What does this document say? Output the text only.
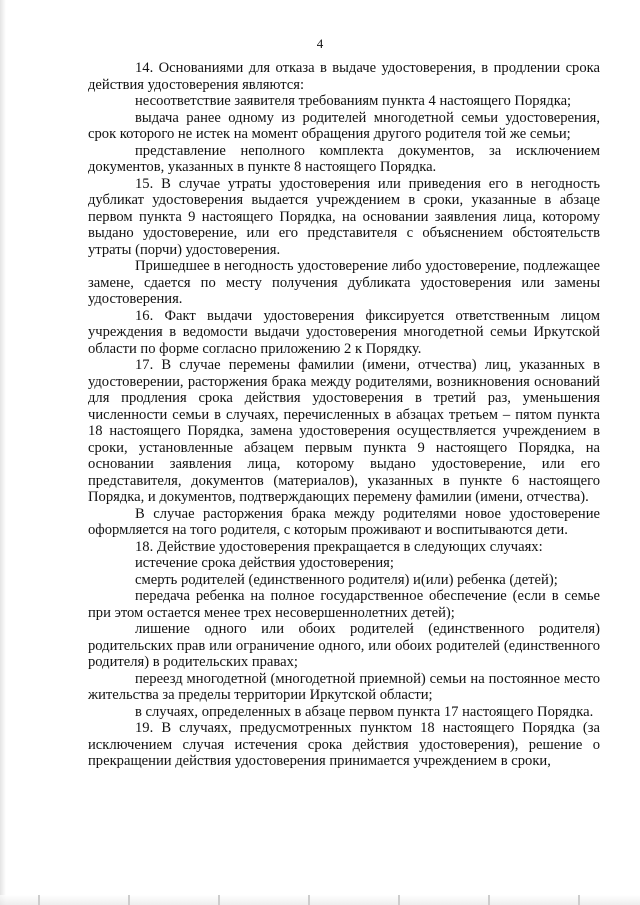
4

14. Основаниями для отказа в выдаче удостоверения, в продлении срока действия удостоверения являются:

несоответствие заявителя требованиям пункта 4 настоящего Порядка;

выдача ранее одному из родителей многодетной семьи удостоверения, срок которого не истек на момент обращения другого родителя той же семьи;

представление неполного комплекта документов, за исключением документов, указанных в пункте 8 настоящего Порядка.

15. В случае утраты удостоверения или приведения его в негодность дубликат удостоверения выдается учреждением в сроки, указанные в абзаце первом пункта 9 настоящего Порядка, на основании заявления лица, которому выдано удостоверение, или его представителя с объяснением обстоятельств утраты (порчи) удостоверения.

Пришедшее в негодность удостоверение либо удостоверение, подлежащее замене, сдается по месту получения дубликата удостоверения или замены удостоверения.

16. Факт выдачи удостоверения фиксируется ответственным лицом учреждения в ведомости выдачи удостоверения многодетной семьи Иркутской области по форме согласно приложению 2 к Порядку.

17. В случае перемены фамилии (имени, отчества) лиц, указанных в удостоверении, расторжения брака между родителями, возникновения оснований для продления срока действия удостоверения в третий раз, уменьшения численности семьи в случаях, перечисленных в абзацах третьем – пятом пункта 18 настоящего Порядка, замена удостоверения осуществляется учреждением в сроки, установленные абзацем первым пункта 9 настоящего Порядка, на основании заявления лица, которому выдано удостоверение, или его представителя, документов (материалов), указанных в пункте 6 настоящего Порядка, и документов, подтверждающих перемену фамилии (имени, отчества).

В случае расторжения брака между родителями новое удостоверение оформляется на того родителя, с которым проживают и воспитываются дети.

18. Действие удостоверения прекращается в следующих случаях:

истечение срока действия удостоверения;

смерть родителей (единственного родителя) и(или) ребенка (детей);

передача ребенка на полное государственное обеспечение (если в семье при этом остается менее трех несовершеннолетних детей);

лишение одного или обоих родителей (единственного родителя) родительских прав или ограничение одного, или обоих родителей (единственного родителя) в родительских правах;

переезд многодетной (многодетной приемной) семьи на постоянное место жительства за пределы территории Иркутской области;

в случаях, определенных в абзаце первом пункта 17 настоящего Порядка.

19. В случаях, предусмотренных пунктом 18 настоящего Порядка (за исключением случая истечения срока действия удостоверения), решение о прекращении действия удостоверения принимается учреждением в сроки,
